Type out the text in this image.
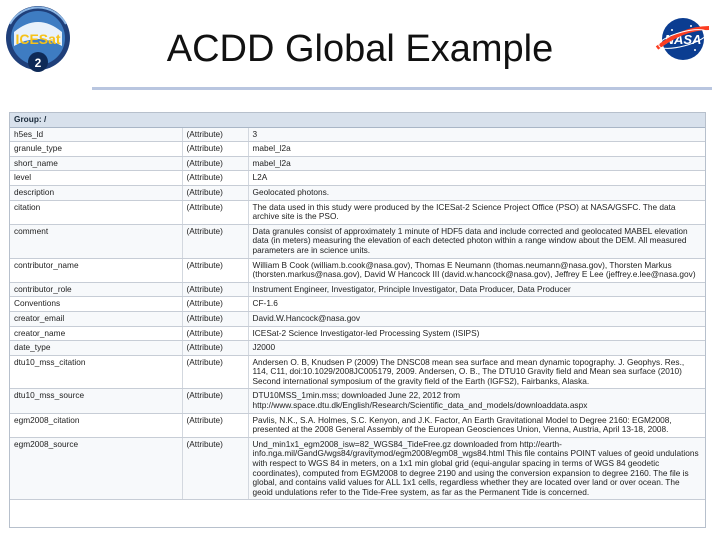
ICESat
2	ACDD Global Example	NASA
Group: /		
h5es_ld	(Attribute)	3
granule_type	(Attribute)	mabel_l2a
short_name	(Attribute)	mabel_l2a
level	(Attribute)	L2A
description	(Attribute)	Geolocated photons.
citation	(Attribute)	The data used in this study were produced by the ICESat-2 Science Project Office (PSO) at NASA/GSFC. The data archive site is the PSO.
comment	(Attribute)	Data granules consist of approximately 1 minute of HDF5 data and include corrected and geolocated MABEL elevation data (in meters) measuring the elevation of each detected photon within a range window about the DEM. All measured parameters are in science units.
contributor_name	(Attribute)	William B Cook (william.b.cook@nasa.gov), Thomas E Neumann (thomas.neumann@nasa.gov), Thorsten Markus (thorsten.markus@nasa.gov), David W Hancock III (david.w.hancock@nasa.gov), Jeffrey E Lee (jeffrey.e.lee@nasa.gov)
contributor_role	(Attribute)	Instrument Engineer, Investigator, Principle Investigator, Data Producer, Data Producer
Conventions	(Attribute)	CF-1.6
creator_email	(Attribute)	David.W.Hancock@nasa.gov
creator_name	(Attribute)	ICESat-2 Science Investigator-led Processing System (ISIPS)
date_type	(Attribute)	J2000
dtu10_mss_citation	(Attribute)	Andersen O. B, Knudsen P (2009) The DNSC08 mean sea surface and mean dynamic topography. J. Geophys. Res., 114, C11, doi:10.1029/2008JC005179, 2009. Andersen, O. B., The DTU10 Gravity field and Mean sea surface (2010) Second international symposium of the gravity field of the Earth (IGFS2), Fairbanks, Alaska.
dtu10_mss_source	(Attribute)	DTU10MSS_1min.mss; downloaded June 22, 2012 from http://www.space.dtu.dk/English/Research/Scientific_data_and_models/downloaddata.aspx
egm2008_citation	(Attribute)	Pavlis, N.K., S.A. Holmes, S.C. Kenyon, and J.K. Factor, An Earth Gravitational Model to Degree 2160: EGM2008, presented at the 2008 General Assembly of the European Geosciences Union, Vienna, Austria, April 13-18, 2008.
egm2008_source	(Attribute)	Und_min1x1_egm2008_isw=82_WGS84_TideFree.gz downloaded from http://earth-info.nga.mil/GandG/wgs84/gravitymod/egm2008/egm08_wgs84.html This file contains POINT values of geoid undulations with respect to WGS 84 in meters, on a 1x1 min global grid (equi-angular spacing in terms of WGS 84 geodetic coordinates), computed from EGM2008 to degree 2190 and using the conversion expansion to degree 2160. The file is global, and contains valid values for ALL 1x1 cells, regardless whether they are located over land or over ocean. The geoid undulations refer to the Tide-Free system, as far as the Permanent Tide is concerned.
